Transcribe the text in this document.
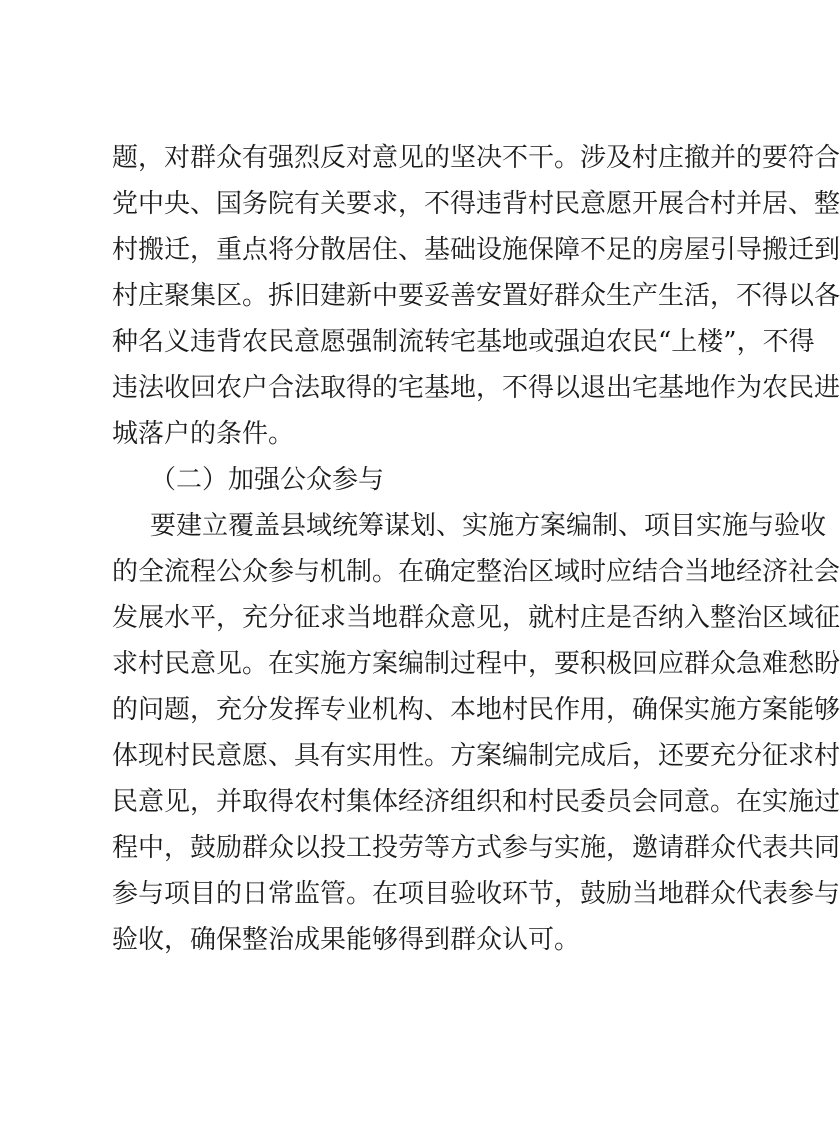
题，对群众有强烈反对意见的坚决不干。涉及村庄撤并的要符合
党中央、国务院有关要求，不得违背村民意愿开展合村并居、整
村搬迁，重点将分散居住、基础设施保障不足的房屋引导搬迁到
村庄聚集区。拆旧建新中要妥善安置好群众生产生活，不得以各
种名义违背农民意愿强制流转宅基地或强迫农民“上楼”，不得
违法收回农户合法取得的宅基地，不得以退出宅基地作为农民进
城落户的条件。
（二）加强公众参与
要建立覆盖县域统筹谋划、实施方案编制、项目实施与验收
的全流程公众参与机制。在确定整治区域时应结合当地经济社会
发展水平，充分征求当地群众意见，就村庄是否纳入整治区域征
求村民意见。在实施方案编制过程中，要积极回应群众急难愁盼
的问题，充分发挥专业机构、本地村民作用，确保实施方案能够
体现村民意愿、具有实用性。方案编制完成后，还要充分征求村
民意见，并取得农村集体经济组织和村民委员会同意。在实施过
程中，鼓励群众以投工投劳等方式参与实施，邀请群众代表共同
参与项目的日常监管。在项目验收环节，鼓励当地群众代表参与
验收，确保整治成果能够得到群众认可。
